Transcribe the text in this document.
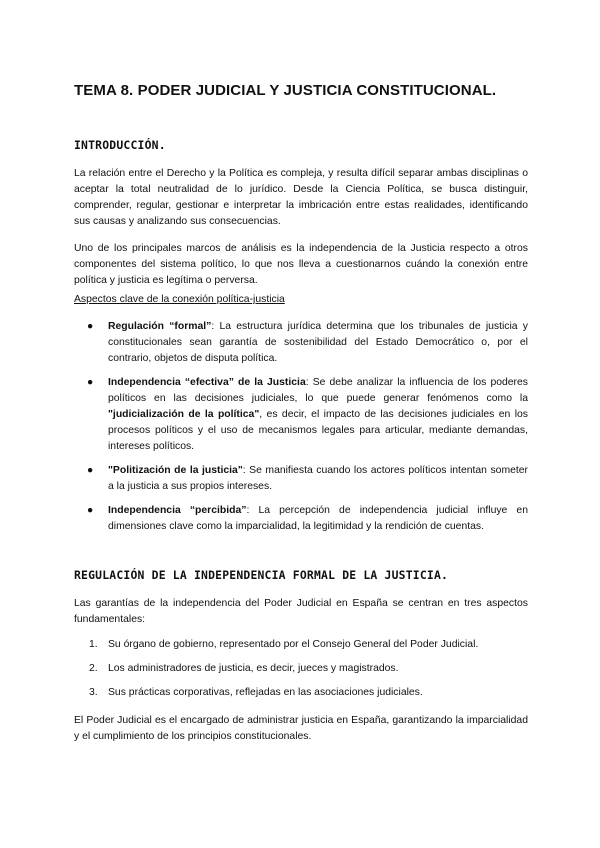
TEMA 8. PODER JUDICIAL Y JUSTICIA CONSTITUCIONAL.
INTRODUCCIÓN.

La relación entre el Derecho y la Política es compleja, y resulta difícil separar ambas disciplinas o aceptar la total neutralidad de lo jurídico. Desde la Ciencia Política, se busca distinguir, comprender, regular, gestionar e interpretar la imbricación entre estas realidades, identificando sus causas y analizando sus consecuencias.

Uno de los principales marcos de análisis es la independencia de la Justicia respecto a otros componentes del sistema político, lo que nos lleva a cuestionarnos cuándo la conexión entre política y justicia es legítima o perversa.

Aspectos clave de la conexión política-justicia

● Regulación “formal”: La estructura jurídica determina que los tribunales de justicia y constitucionales sean garantía de sostenibilidad del Estado Democrático o, por el contrario, objetos de disputa política.
● Independencia “efectiva” de la Justicia: Se debe analizar la influencia de los poderes políticos en las decisiones judiciales, lo que puede generar fenómenos como la "judicialización de la política", es decir, el impacto de las decisiones judiciales en los procesos políticos y el uso de mecanismos legales para articular, mediante demandas, intereses políticos.
● "Politización de la justicia": Se manifiesta cuando los actores políticos intentan someter a la justicia a sus propios intereses.
● Independencia “percibida”: La percepción de independencia judicial influye en dimensiones clave como la imparcialidad, la legitimidad y la rendición de cuentas.
REGULACIÓN DE LA INDEPENDENCIA FORMAL DE LA JUSTICIA.

Las garantías de la independencia del Poder Judicial en España se centran en tres aspectos fundamentales:

1. Su órgano de gobierno, representado por el Consejo General del Poder Judicial.
2. Los administradores de justicia, es decir, jueces y magistrados.
3. Sus prácticas corporativas, reflejadas en las asociaciones judiciales.

El Poder Judicial es el encargado de administrar justicia en España, garantizando la imparcialidad y el cumplimiento de los principios constitucionales.
